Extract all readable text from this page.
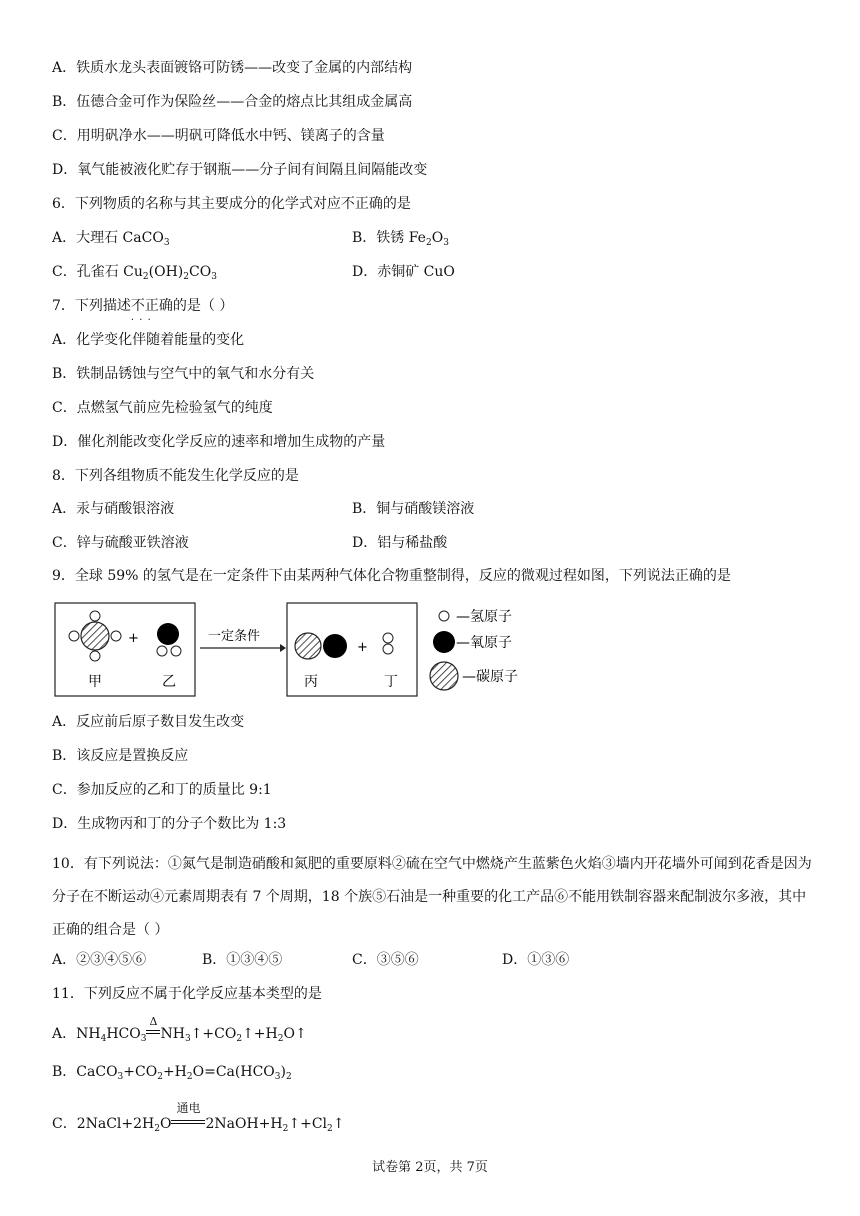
A．铁质水龙头表面镀铬可防锈——改变了金属的内部结构
B．伍德合金可作为保险丝——合金的熔点比其组成金属高
C．用明矾净水——明矾可降低水中钙、镁离子的含量
D．氧气能被液化贮存于钢瓶——分子间有间隔且间隔能改变
6．下列物质的名称与其主要成分的化学式对应不正确的是
A．大理石 CaCO$_3$	B．铁锈 $Fe_2O_3$
C．孔雀石 $Cu_2(OH)_2CO_3$	D．赤铜矿 CuO
7．下列描述不正确 · · ·的是（ ）
A．化学变化伴随着能量的变化
B．铁制品锈蚀与空气中的氧气和水分有关
C．点燃氢气前应先检验氢气的纯度
D．催化剂能改变化学反应的速率和增加生成物的产量
8．下列各组物质不能发生化学反应的是
A．汞与硝酸银溶液	B．铜与硝酸镁溶液
C．锌与硫酸亚铁溶液	D．铝与稀盐酸
9．全球 59% 的氢气是在一定条件下由某两种气体化合物重整制得，反应的微观过程如图，下列说法正确的是
+
甲	乙
一定条件
+
丙	丁
—氢原子
—氧原子
—碳原子
A．反应前后原子数目发生改变
B．该反应是置换反应
C．参加反应的乙和丁的质量比 9:1
D．生成物丙和丁的分子个数比为 1:3
10．有下列说法：①氮气是制造硝酸和氮肥的重要原料②硫在空气中燃烧产生蓝紫色火焰③墙内开花墙外可闻到花香是因为分子在不断运动④元素周期表有 7 个周期，18 个族⑤石油是一种重要的化工产品⑥不能用铁制容器来配制波尔多液，其中正确的组合是（ ）
A．②③④⑤⑥	B．①③④⑤	C．③⑤⑥	D．①③⑥
11．下列反应不属于化学反应基本类型的是
A．$NH_4HCO_3$
Δ
$NH_3↑+CO_2↑+H_2O↑$
B．$CaCO_3+CO_2+H_2O=Ca(HCO_3)_2$
C．$2NaCl+2H_2O$
通电
$2NaOH+H_2↑+Cl_2↑$
试卷第 2页，共 7页
